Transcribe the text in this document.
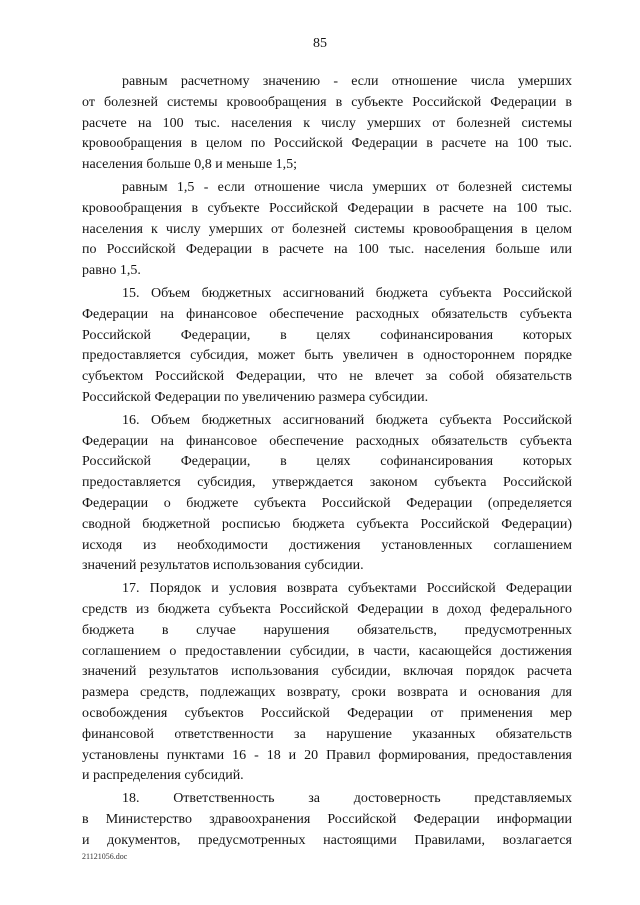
85

равным расчетному значению - если отношение числа умерших
от болезней системы кровообращения в субъекте Российской Федерации в
расчете на 100 тыс. населения к числу умерших от болезней системы
кровообращения в целом по Российской Федерации в расчете на 100 тыс.
населения больше 0,8 и меньше 1,5;

равным 1,5 - если отношение числа умерших от болезней системы
кровообращения в субъекте Российской Федерации в расчете на 100 тыс.
населения к числу умерших от болезней системы кровообращения в целом
по Российской Федерации в расчете на 100 тыс. населения больше или
равно 1,5.

15. Объем бюджетных ассигнований бюджета субъекта Российской
Федерации на финансовое обеспечение расходных обязательств субъекта
Российской Федерации, в целях софинансирования которых
предоставляется субсидия, может быть увеличен в одностороннем порядке
субъектом Российской Федерации, что не влечет за собой обязательств
Российской Федерации по увеличению размера субсидии.

16. Объем бюджетных ассигнований бюджета субъекта Российской
Федерации на финансовое обеспечение расходных обязательств субъекта
Российской Федерации, в целях софинансирования которых
предоставляется субсидия, утверждается законом субъекта Российской
Федерации о бюджете субъекта Российской Федерации (определяется
сводной бюджетной росписью бюджета субъекта Российской Федерации)
исходя из необходимости достижения установленных соглашением
значений результатов использования субсидии.

17. Порядок и условия возврата субъектами Российской Федерации
средств из бюджета субъекта Российской Федерации в доход федерального
бюджета в случае нарушения обязательств, предусмотренных
соглашением о предоставлении субсидии, в части, касающейся достижения
значений результатов использования субсидии, включая порядок расчета
размера средств, подлежащих возврату, сроки возврата и основания для
освобождения субъектов Российской Федерации от применения мер
финансовой ответственности за нарушение указанных обязательств
установлены пунктами 16 - 18 и 20 Правил формирования, предоставления
и распределения субсидий.

18. Ответственность за достоверность представляемых
в Министерство здравоохранения Российской Федерации информации
и документов, предусмотренных настоящими Правилами, возлагается

21121056.doc
